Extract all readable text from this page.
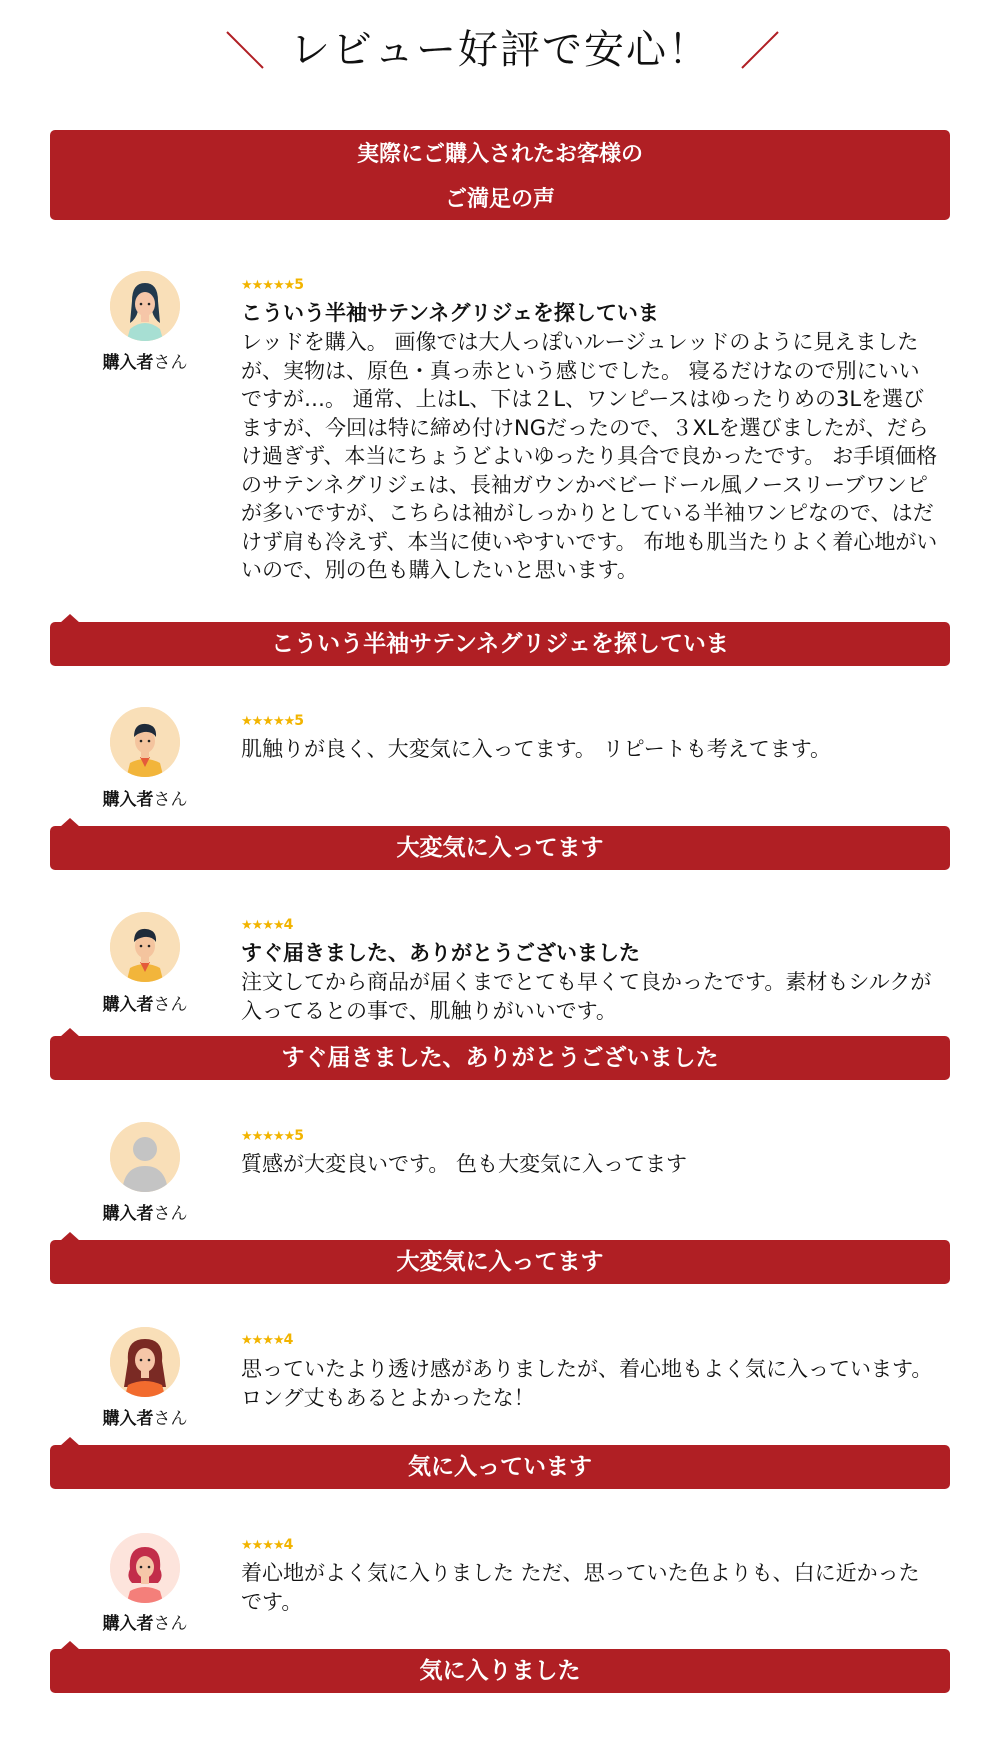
レビュー好評で安心！
実際にご購入されたお客様の
ご満足の声
購入者さん
★★★★★5
こういう半袖サテンネグリジェを探していま
レッドを購入。 画像では大人っぽいルージュレッドのように見えましたが、実物は、原色・真っ赤という感じでした。 寝るだけなので別にいいですが…。 通常、上はL、下は２L、ワンピースはゆったりめの3Lを選びますが、今回は特に締め付けNGだったので、３XLを選びましたが、だらけ過ぎず、本当にちょうどよいゆったり具合で良かったです。 お手頃価格のサテンネグリジェは、長袖ガウンかベビードール風ノースリーブワンピが多いですが、こちらは袖がしっかりとしている半袖ワンピなので、はだけず肩も冷えず、本当に使いやすいです。 布地も肌当たりよく着心地がいいので、別の色も購入したいと思います。
こういう半袖サテンネグリジェを探していま
購入者さん
★★★★★5
肌触りが良く、大変気に入ってます。 リピートも考えてます。
大変気に入ってます
購入者さん
★★★★4
すぐ届きました、ありがとうございました
注文してから商品が届くまでとても早くて良かったです。素材もシルクが入ってるとの事で、肌触りがいいです。
すぐ届きました、ありがとうございました
購入者さん
★★★★★5
質感が大変良いです。 色も大変気に入ってます
大変気に入ってます
購入者さん
★★★★4
思っていたより透け感がありましたが、着心地もよく気に入っています。ロング丈もあるとよかったな！
気に入っています
購入者さん
★★★★4
着心地がよく気に入りました ただ、思っていた色よりも、白に近かったです。
気に入りました
